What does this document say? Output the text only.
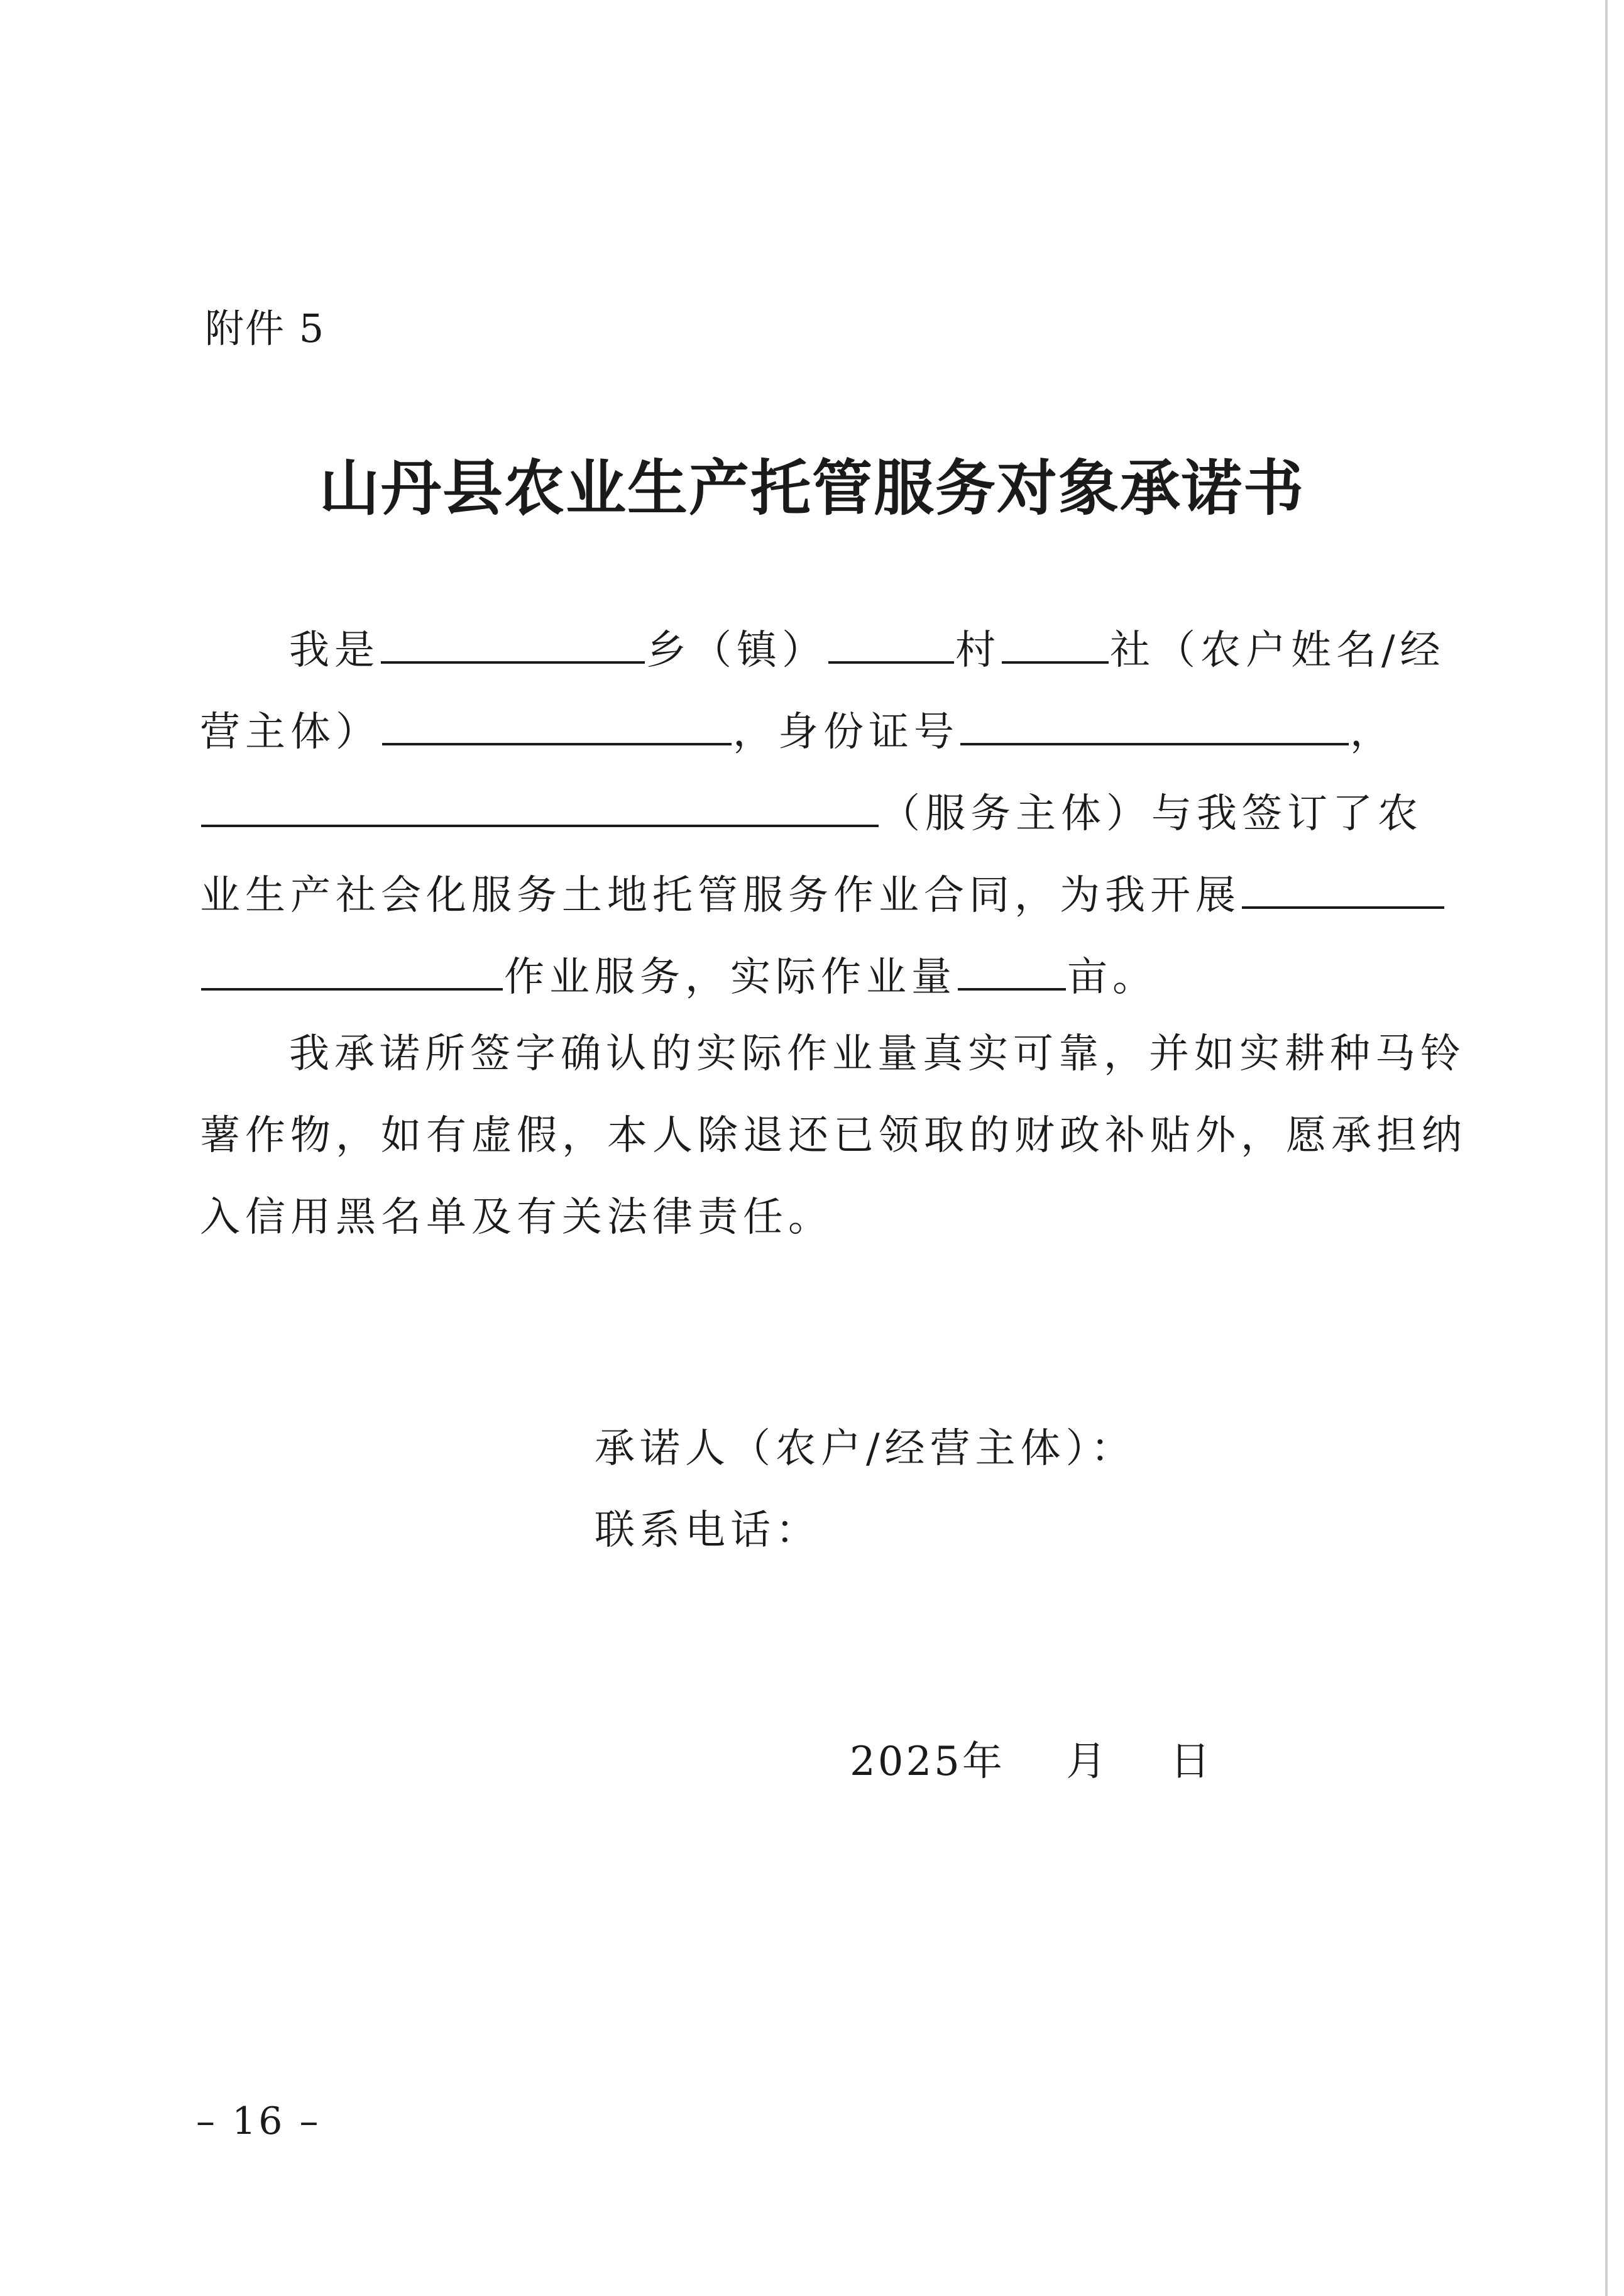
附件 5
山丹县农业生产托管服务对象承诺书
我是	乡（镇）	村	社（农户姓名/经
营主体）	，身份证号	，
（服务主体）与我签订了农
业生产社会化服务土地托管服务作业合同，为我开展
作业服务，实际作业量	亩。
我承诺所签字确认的实际作业量真实可靠，并如实耕种马铃
薯作物，如有虚假，本人除退还已领取的财政补贴外，愿承担纳
入信用黑名单及有关法律责任。
承诺人（农户/经营主体）：
联系电话：
2025年    月    日
– 16 –
